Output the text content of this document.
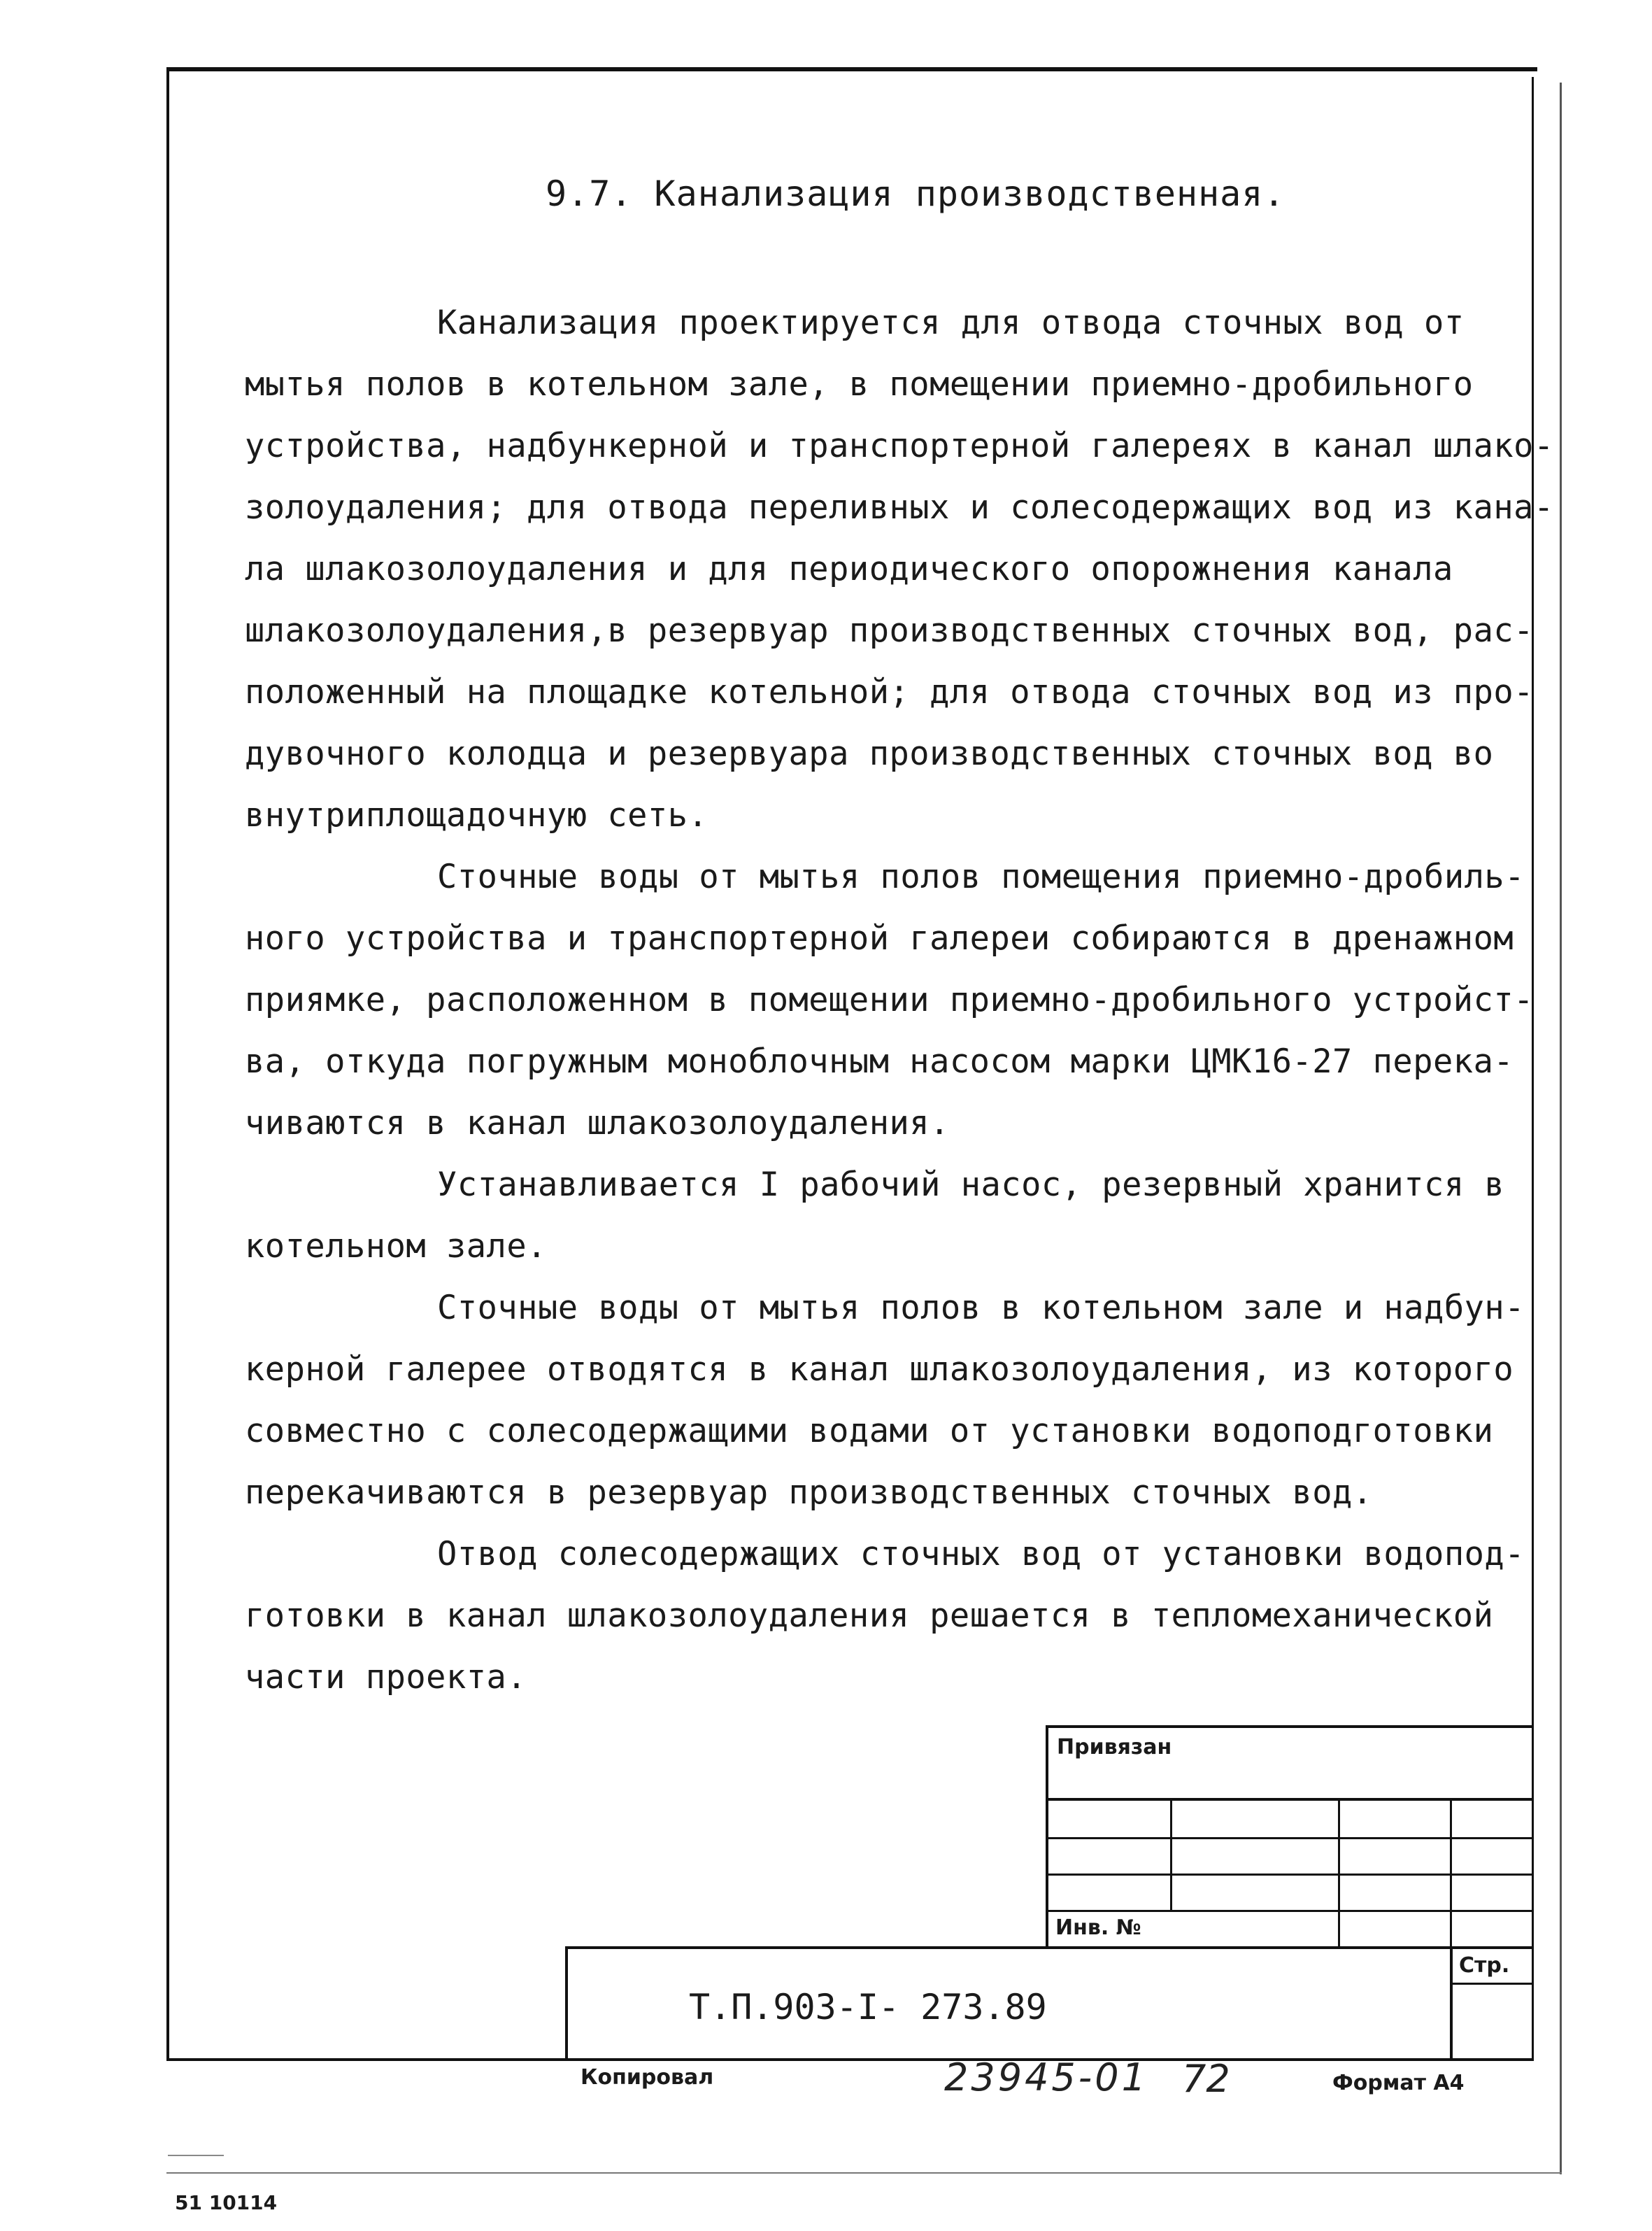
9.7. Канализация производственная.
Канализация проектируется для отвода сточных вод от
мытья полов в котельном зале, в помещении приемно-дробильного
устройства, надбункерной и транспортерной галереях в канал шлако-
золоудаления; для отвода переливных и солесодержащих вод из кана-
ла шлакозолоудаления и для периодического опорожнения канала
шлакозолоудаления,в резервуар производственных сточных вод, рас-
положенный на площадке котельной; для отвода сточных вод из про-
дувочного колодца и резервуара производственных сточных вод во
внутриплощадочную сеть.
Сточные воды от мытья полов помещения приемно-дробиль-
ного устройства и транспортерной галереи собираются в дренажном
приямке, расположенном в помещении приемно-дробильного устройст-
ва, откуда погружным моноблочным насосом марки ЦМК16-27 перека-
чиваются в канал шлакозолоудаления.
Устанавливается I рабочий насос, резервный хранится в
котельном зале.
Сточные воды от мытья полов в котельном зале и надбун-
керной галерее отводятся в канал шлакозолоудаления, из которого
совместно с солесодержащими водами от установки водоподготовки
перекачиваются в резервуар производственных сточных вод.
Отвод солесодержащих сточных вод от установки водопод-
готовки в канал шлакозолоудаления решается в тепломеханической
части проекта.
Привязан
Инв. №
Стр.
Т.П.903-I- 273.89
Копировал	23945-01 72	Формат А4
51 10114
